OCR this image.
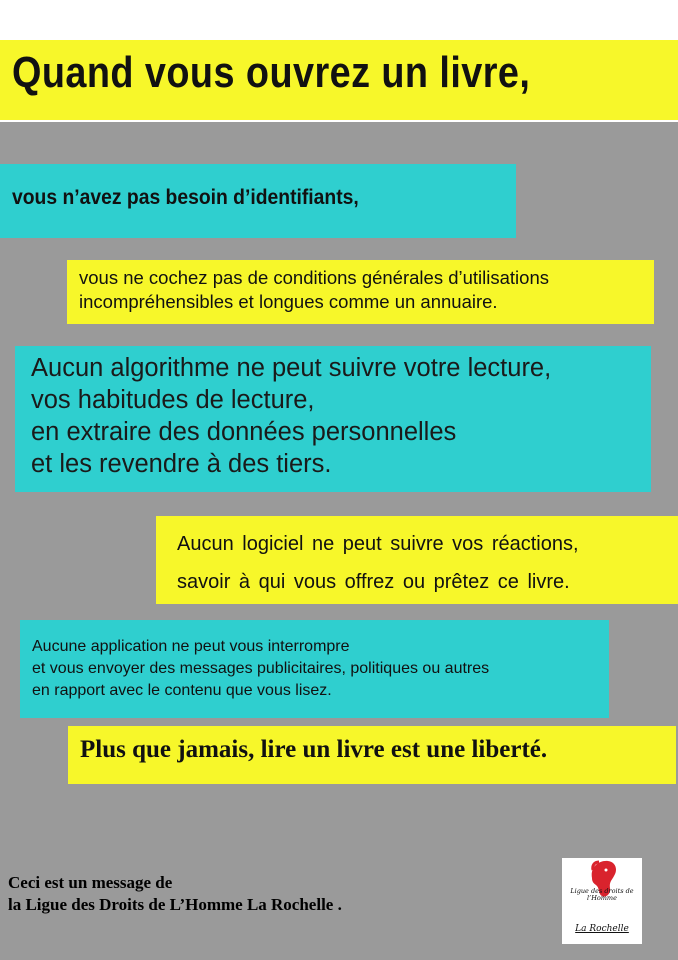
Quand vous ouvrez un livre,

vous n’avez pas besoin d’identifiants,

vous ne cochez pas de conditions générales d’utilisations
incompréhensibles et longues comme un annuaire.

Aucun algorithme ne peut suivre votre lecture,
vos habitudes de lecture,
en extraire des données personnelles
et les revendre à des tiers.

Aucun logiciel ne peut suivre vos réactions,
savoir à qui vous offrez ou prêtez ce livre.

Aucune application ne peut vous interrompre
et vous envoyer des messages publicitaires, politiques ou autres
en rapport avec le contenu que vous lisez.

Plus que jamais, lire un livre est une liberté.

Ceci est un message de
la Ligue des Droits de L’Homme La Rochelle .

Ligue des droits de l’Homme
La Rochelle
